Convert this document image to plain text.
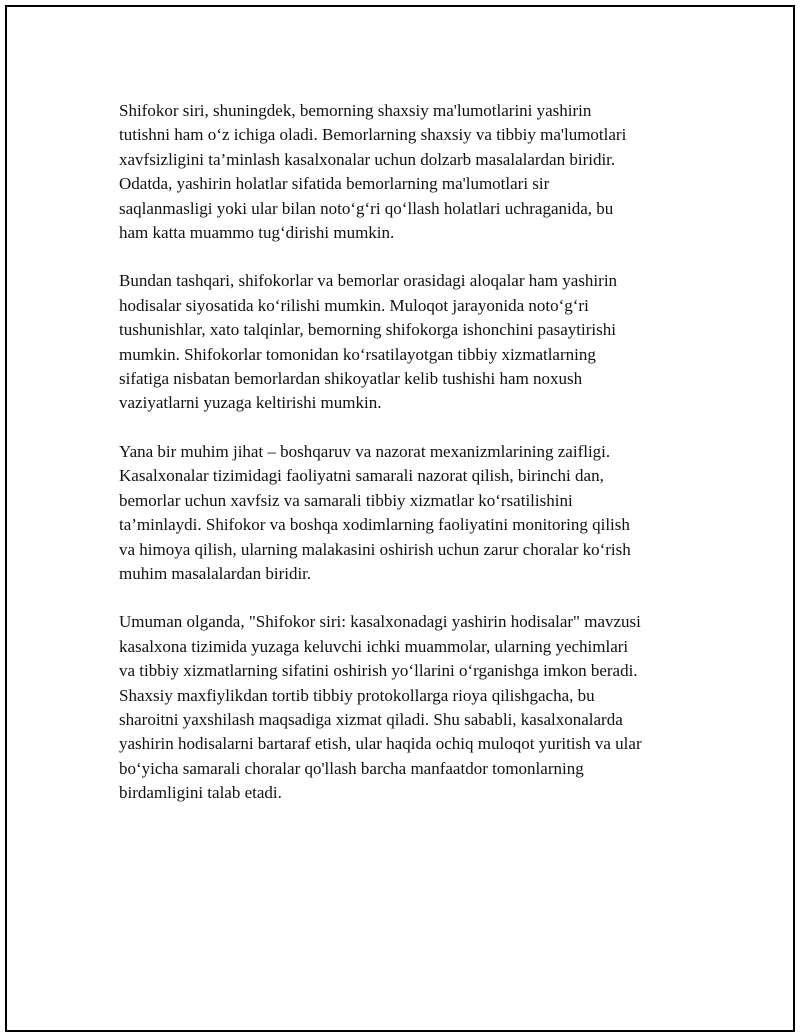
Shifokor siri, shuningdek, bemorning shaxsiy ma'lumotlarini yashirin
tutishni ham o‘z ichiga oladi. Bemorlarning shaxsiy va tibbiy ma'lumotlari
xavfsizligini ta’minlash kasalxonalar uchun dolzarb masalalardan biridir.
Odatda, yashirin holatlar sifatida bemorlarning ma'lumotlari sir
saqlanmasligi yoki ular bilan noto‘g‘ri qo‘llash holatlari uchraganida, bu
ham katta muammo tug‘dirishi mumkin.

Bundan tashqari, shifokorlar va bemorlar orasidagi aloqalar ham yashirin
hodisalar siyosatida ko‘rilishi mumkin. Muloqot jarayonida noto‘g‘ri
tushunishlar, xato talqinlar, bemorning shifokorga ishonchini pasaytirishi
mumkin. Shifokorlar tomonidan ko‘rsatilayotgan tibbiy xizmatlarning
sifatiga nisbatan bemorlardan shikoyatlar kelib tushishi ham noxush
vaziyatlarni yuzaga keltirishi mumkin.

Yana bir muhim jihat – boshqaruv va nazorat mexanizmlarining zaifligi.
Kasalxonalar tizimidagi faoliyatni samarali nazorat qilish, birinchi dan,
bemorlar uchun xavfsiz va samarali tibbiy xizmatlar ko‘rsatilishini
ta’minlaydi. Shifokor va boshqa xodimlarning faoliyatini monitoring qilish
va himoya qilish, ularning malakasini oshirish uchun zarur choralar ko‘rish
muhim masalalardan biridir.

Umuman olganda, "Shifokor siri: kasalxonadagi yashirin hodisalar" mavzusi
kasalxona tizimida yuzaga keluvchi ichki muammolar, ularning yechimlari
va tibbiy xizmatlarning sifatini oshirish yo‘llarini o‘rganishga imkon beradi.
Shaxsiy maxfiylikdan tortib tibbiy protokollarga rioya qilishgacha, bu
sharoitni yaxshilash maqsadiga xizmat qiladi. Shu sababli, kasalxonalarda
yashirin hodisalarni bartaraf etish, ular haqida ochiq muloqot yuritish va ular
bo‘yicha samarali choralar qo'llash barcha manfaatdor tomonlarning
birdamligini talab etadi.
